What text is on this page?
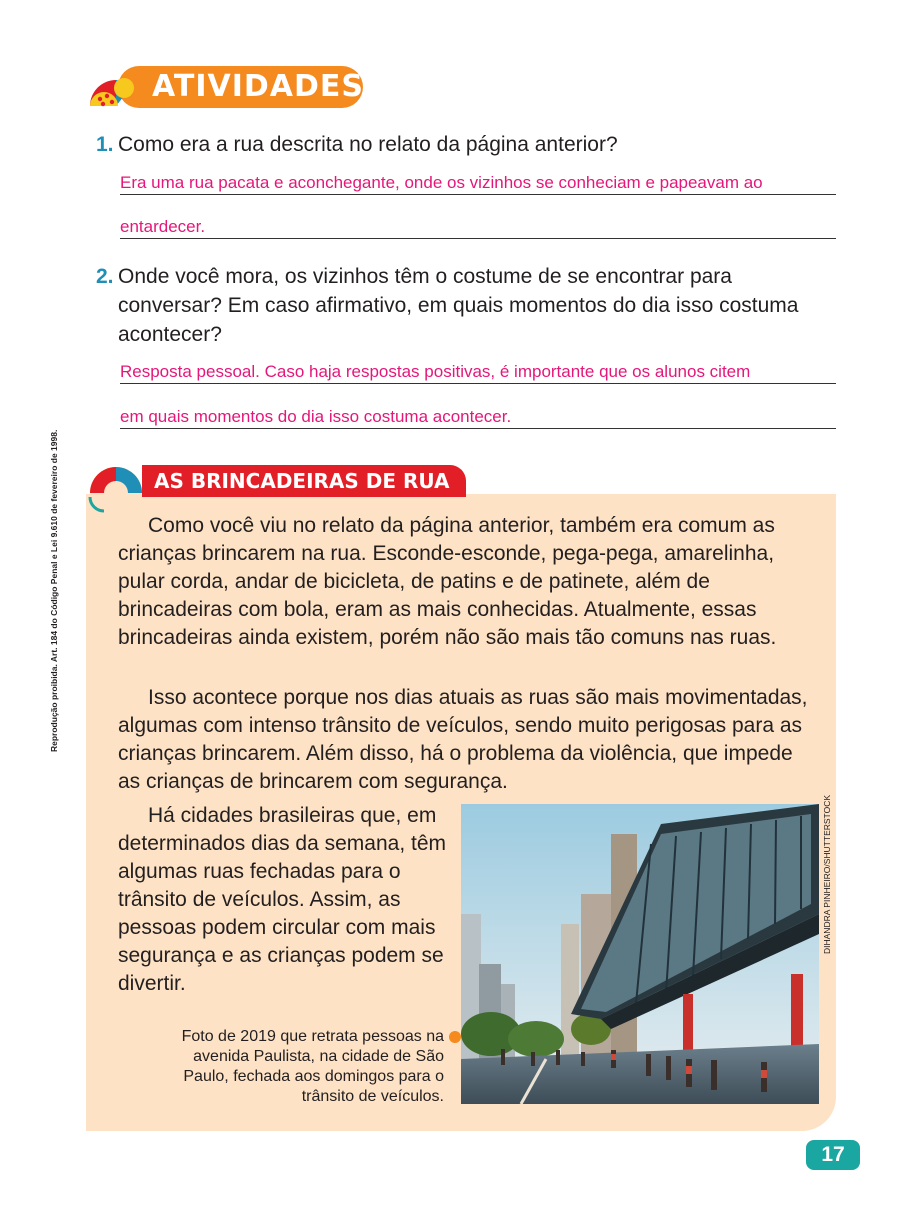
ATIVIDADES
1. Como era a rua descrita no relato da página anterior?
Era uma rua pacata e aconchegante, onde os vizinhos se conheciam e papeavam ao
entardecer.
2. Onde você mora, os vizinhos têm o costume de se encontrar para conversar? Em caso afirmativo, em quais momentos do dia isso costuma acontecer?
Resposta pessoal. Caso haja respostas positivas, é importante que os alunos citem
em quais momentos do dia isso costuma acontecer.
Reprodução proibida. Art. 184 do Código Penal e Lei 9.610 de fevereiro de 1998.	AS BRINCADEIRAS DE RUA
Como você viu no relato da página anterior, também era comum as crianças brincarem na rua. Esconde-esconde, pega-pega, amarelinha, pular corda, andar de bicicleta, de patins e de patinete, além de brincadeiras com bola, eram as mais conhecidas. Atualmente, essas brincadeiras ainda existem, porém não são mais tão comuns nas ruas.
Isso acontece porque nos dias atuais as ruas são mais movimentadas, algumas com intenso trânsito de veículos, sendo muito perigosas para as crianças brincarem. Além disso, há o problema da violência, que impede as crianças de brincarem com segurança.
Há cidades brasileiras que, em determinados dias da semana, têm algumas ruas fechadas para o trânsito de veículos. Assim, as pessoas podem circular com mais segurança e as crianças podem se divertir.
DIHANDRA PINHEIRO/SHUTTERSTOCK
Foto de 2019 que retrata pessoas na avenida Paulista, na cidade de São Paulo, fechada aos domingos para o trânsito de veículos.
17
